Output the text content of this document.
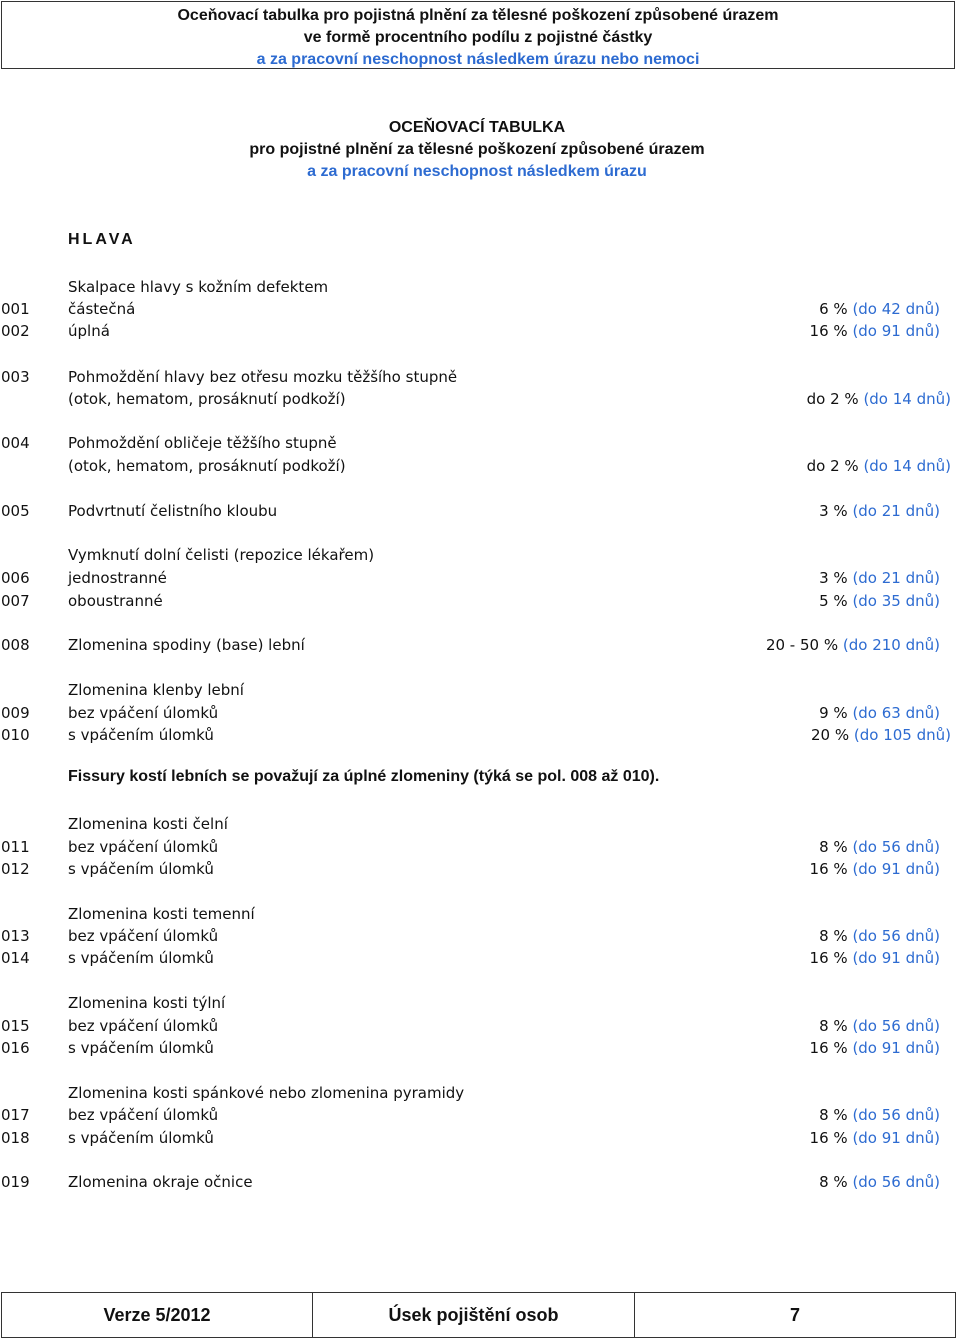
Oceňovací tabulka pro pojistná plnění za tělesné poškození způsobené úrazem
ve formě procentního podílu z pojistné částky
a za pracovní neschopnost následkem úrazu nebo nemoci
OCEŇOVACÍ TABULKA
pro pojistné plnění za tělesné poškození způsobené úrazem
a za pracovní neschopnost následkem úrazu
HLAVA
Skalpace hlavy s kožním defektem
001	částečná	6 % (do 42 dnů)
002	úplná	16 % (do 91 dnů)
003	Pohmoždění hlavy bez otřesu mozku těžšího stupně
(otok, hematom, prosáknutí podkoží)	do 2 % (do 14 dnů)
004	Pohmoždění obličeje těžšího stupně
(otok, hematom, prosáknutí podkoží)	do 2 % (do 14 dnů)
005	Podvrtnutí čelistního kloubu	3 % (do 21 dnů)
Vymknutí dolní čelisti (repozice lékařem)
006	jednostranné	3 % (do 21 dnů)
007	oboustranné	5 % (do 35 dnů)
008	Zlomenina spodiny (base) lební	20 - 50 % (do 210 dnů)
Zlomenina klenby lební
009	bez vpáčení úlomků	9 % (do 63 dnů)
010	s vpáčením úlomků	20 % (do 105 dnů)
Zlomenina kosti čelní
011	bez vpáčení úlomků	8 % (do 56 dnů)
012	s vpáčením úlomků	16 % (do 91 dnů)
Zlomenina kosti temenní
013	bez vpáčení úlomků	8 % (do 56 dnů)
014	s vpáčením úlomků	16 % (do 91 dnů)
Zlomenina kosti týlní
015	bez vpáčení úlomků	8 % (do 56 dnů)
016	s vpáčením úlomků	16 % (do 91 dnů)
Zlomenina kosti spánkové nebo zlomenina pyramidy
017	bez vpáčení úlomků	8 % (do 56 dnů)
018	s vpáčením úlomků	16 % (do 91 dnů)
019	Zlomenina okraje očnice	8 % (do 56 dnů)
Fissury kostí lebních se považují za úplné zlomeniny (týká se pol. 008 až 010).
Verze 5/2012	Úsek pojištění osob	7
